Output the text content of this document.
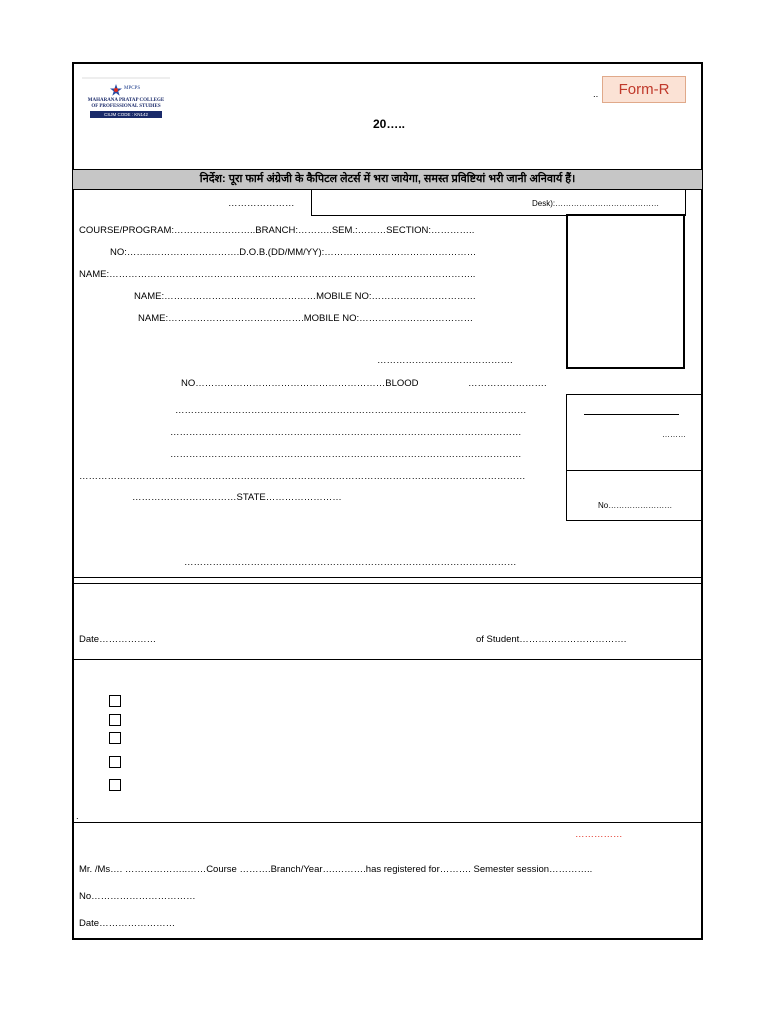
MPCPS
MAHARANA PRATAP COLLEGE
OF PROFESSIONAL STUDIES
CSJM CODE : KN142
..	Form-R
20…..
निर्देश: पूरा फार्म अंग्रेजी के कैपिटल लेटर्स में भरा जायेगा, समस्त प्रविष्टियां भरी जानी अनिवार्य हैं।
…………………	Desk):…………………………………
………
No……………………
COURSE/PROGRAM:……………………..BRANCH:………..SEM.:………SECTION:…………..
NO:……..……………………….D.O.B.(DD/MM/YY):…………………………………………
NAME:……………………………………………………………………………………………………..
NAME:…………………………………………MOBILE NO:……………………………
NAME:…………………………………….MOBILE NO:………………………………
…………………………………….
NO……………………………………………………BLOOD	…………………….
…………………………………………………………………………………………………
…………………………………………………………………………………………………
…………………………………………………………………………………………………
……………………………………………………………………………………………………………………………
……………………………STATE……………………
……………………………………………………………………………………………
Date………………	of Student…………………………….
.
……………
Mr. /Ms…. ………………..……Course ……….Branch/Year….……….has registered for………. Semester session…………..
No……………………………
Date……………………
